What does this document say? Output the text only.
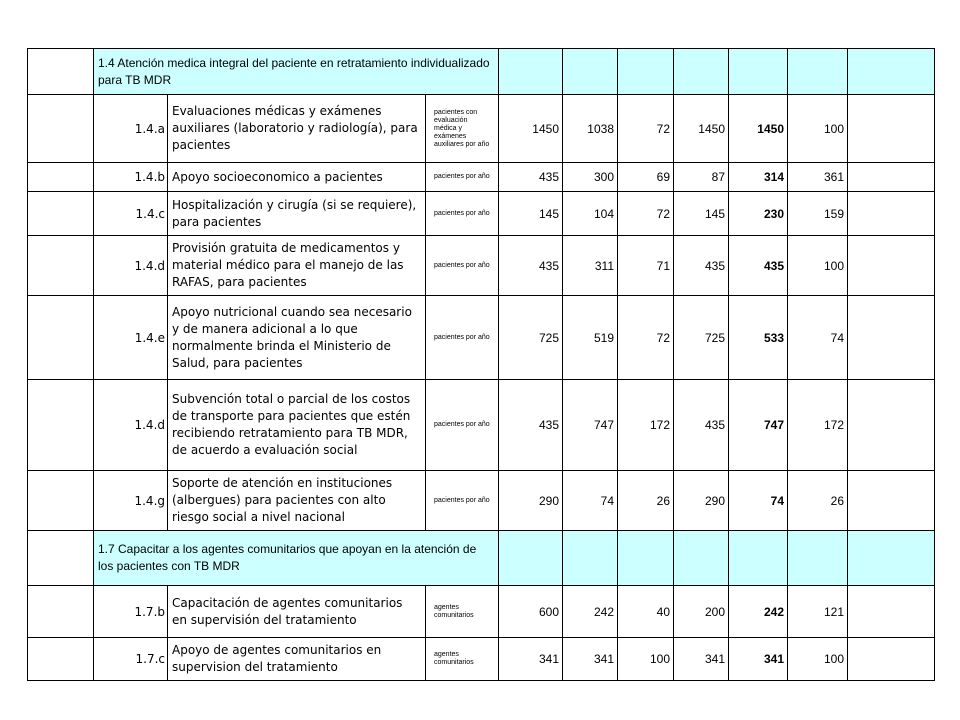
	1.4 Atención medica integral del paciente en retratamiento individualizado para TB MDR									
	1.4.a	Evaluaciones médicas y exámenes auxiliares (laboratorio y radiología), para pacientes	pacientes con evaluación médica y exámenes auxiliares por año	1450	1038	72	1450	1450	100	
	1.4.b	Apoyo socioeconomico a pacientes	pacientes por año	435	300	69	87	314	361	
	1.4.c	Hospitalización y cirugía (si se requiere), para pacientes	pacientes por año	145	104	72	145	230	159	
	1.4.d	Provisión gratuita de medicamentos y material médico para el manejo de las RAFAS, para pacientes	pacientes por año	435	311	71	435	435	100	
	1.4.e	Apoyo nutricional cuando sea necesario y de manera adicional a lo que normalmente brinda el Ministerio de Salud, para pacientes	pacientes por año	725	519	72	725	533	74	
	1.4.d	Subvención total o parcial de los costos de transporte para pacientes que estén recibiendo retratamiento para TB MDR, de acuerdo a evaluación social	pacientes por año	435	747	172	435	747	172	
	1.4.g	Soporte de atención en instituciones (albergues) para pacientes con alto riesgo social a nivel nacional	pacientes por año	290	74	26	290	74	26	
	1.7 Capacitar a los agentes comunitarios que apoyan en la atención de los pacientes con TB MDR									
	1.7.b	Capacitación de agentes comunitarios en supervisión del tratamiento	agentes comunitarios	600	242	40	200	242	121	
	1.7.c	Apoyo de agentes comunitarios en supervision del tratamiento	agentes comunitarios	341	341	100	341	341	100	
